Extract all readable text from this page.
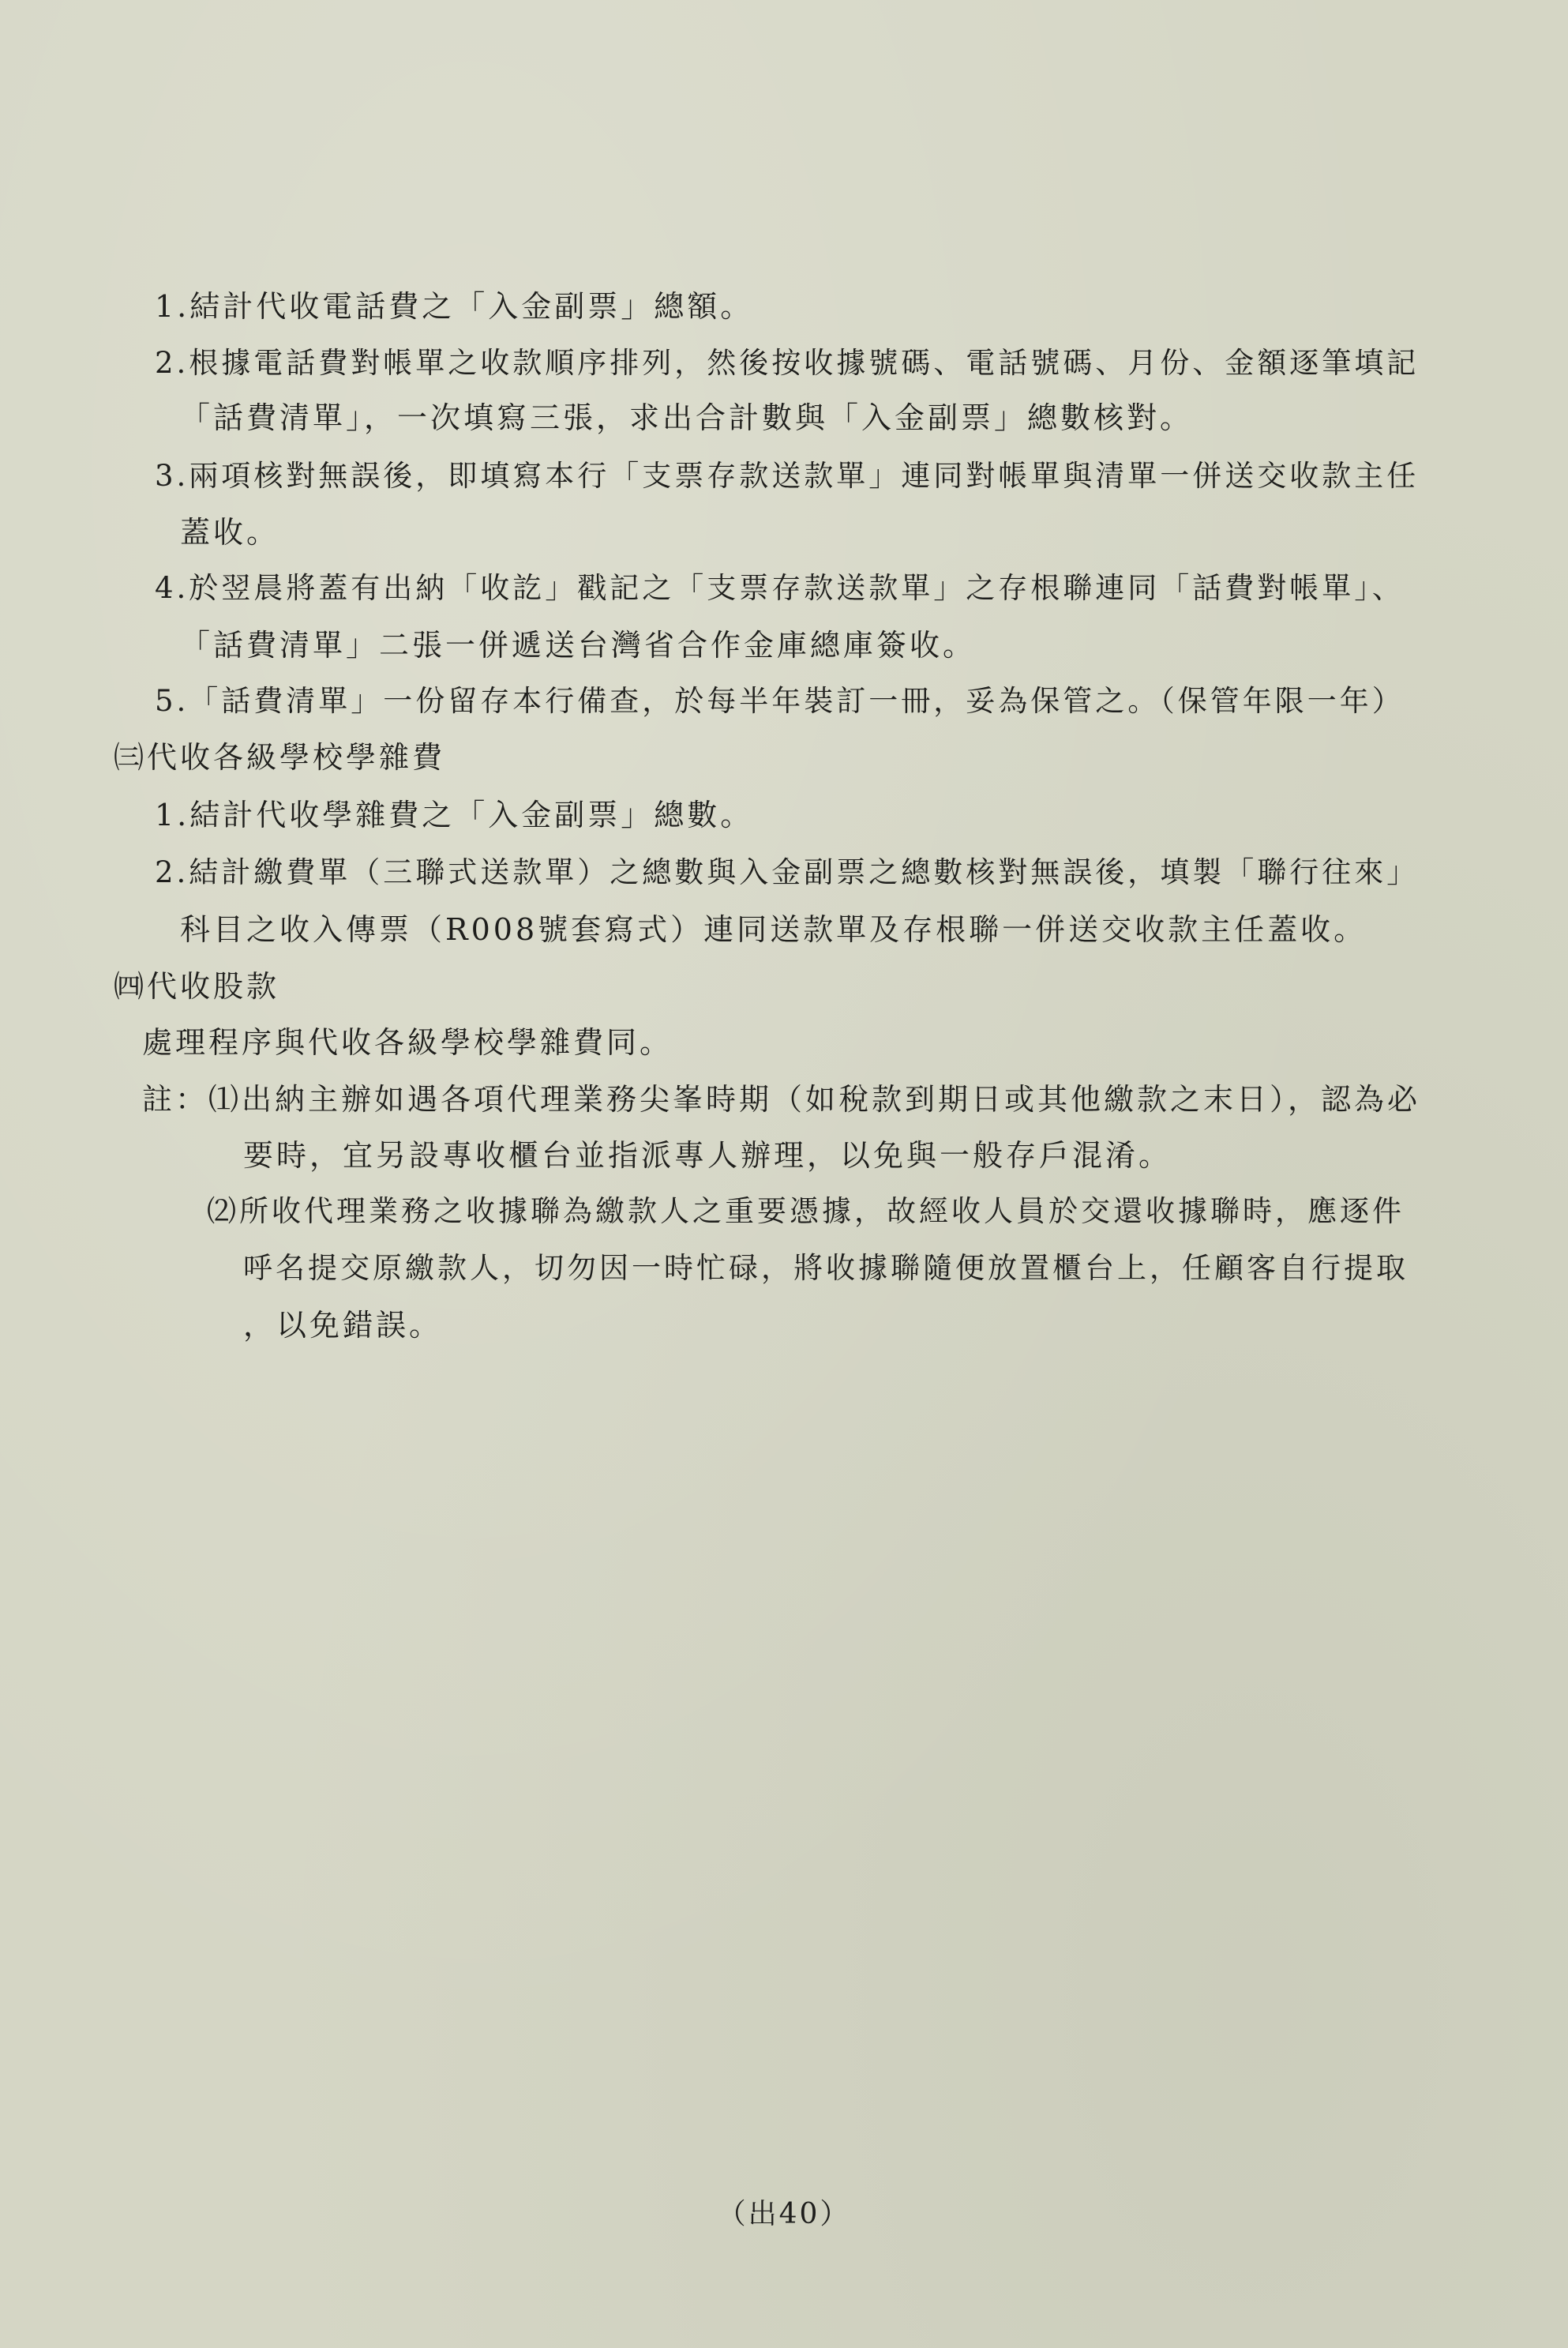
1.結計代收電話費之「入金副票」總額。
2.根據電話費對帳單之收款順序排列，然後按收據號碼、電話號碼、月份、金額逐筆填記
「話費清單」，一次填寫三張，求出合計數與「入金副票」總數核對。
3.兩項核對無誤後，即填寫本行「支票存款送款單」連同對帳單與清單一併送交收款主任
蓋收。
4.於翌晨將蓋有出納「收訖」戳記之「支票存款送款單」之存根聯連同「話費對帳單」、
「話費清單」二張一併遞送台灣省合作金庫總庫簽收。
5.「話費清單」一份留存本行備查，於每半年裝訂一冊，妥為保管之。（保管年限一年）
㈢代收各級學校學雜費
1.結計代收學雜費之「入金副票」總數。
2.結計繳費單（三聯式送款單）之總數與入金副票之總數核對無誤後，填製「聯行往來」
科目之收入傳票（R008號套寫式）連同送款單及存根聯一併送交收款主任蓋收。
㈣代收股款
處理程序與代收各級學校學雜費同。
註：⑴出納主辦如遇各項代理業務尖峯時期（如稅款到期日或其他繳款之末日），認為必
要時，宜另設專收櫃台並指派專人辦理，以免與一般存戶混淆。
⑵所收代理業務之收據聯為繳款人之重要憑據，故經收人員於交還收據聯時，應逐件
呼名提交原繳款人，切勿因一時忙碌，將收據聯隨便放置櫃台上，任顧客自行提取
，以免錯誤。
（出40）
